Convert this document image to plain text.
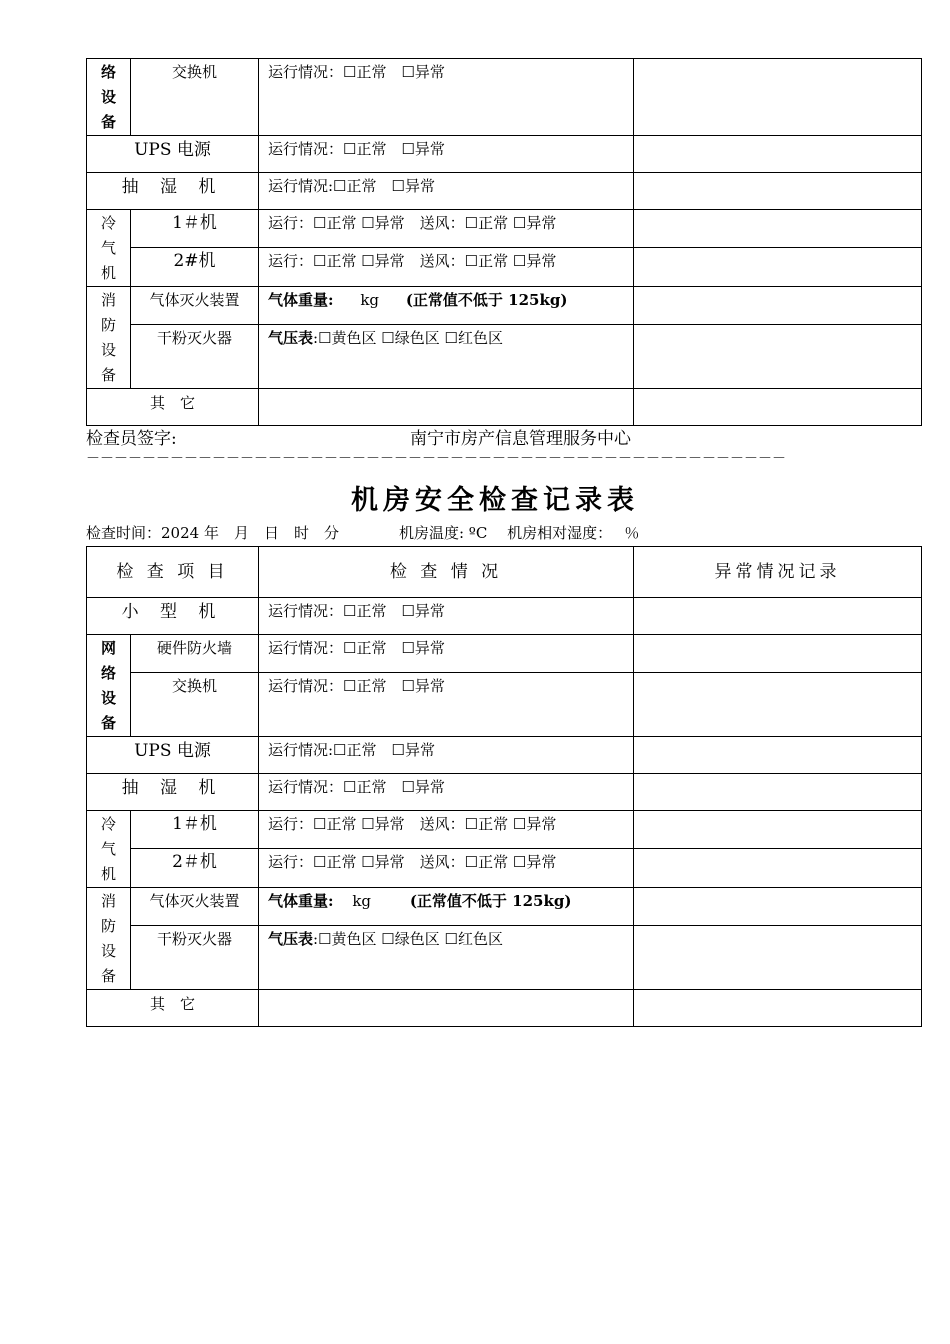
络
设
备	交换机	运行情况：☐正常　☐异常	
UPS 电源		运行情况：☐正常　☐异常	
抽 湿 机		运行情况:☐正常　☐异常	

冷
气
机	1＃机	运行：☐正常 ☐异常　送风：☐正常 ☐异常	
	2#机	运行：☐正常 ☐异常　送风：☐正常 ☐异常	

消
防
设
备	气体灭火装置	气体重量: kg (正常值不低于 125kg)	
	干粉灭火器	气压表:☐黄色区 ☐绿色区 ☐红色区	
其　它			
检查员签字:	南宁市房产信息管理服务中心
－－－－－－－－－－－－－－－－－－－－－－－－－－－－－－－－－－－－－－－－－－－－－－－－－－
机房安全检查记录表
检查时间：2024 年　月　日　时　分　　　　机房温度: ºC　 机房相对湿度：　 ％
检 查 项 目		检 查 情 况	异常情况记录
小 型 机		运行情况：☐正常　☐异常	

网
络
设
备	硬件防火墙	运行情况：☐正常　☐异常	
	交换机	运行情况：☐正常　☐异常	
UPS 电源		运行情况:☐正常　☐异常	
抽 湿 机		运行情况：☐正常　☐异常	

冷
气
机	1＃机	运行：☐正常 ☐异常　送风：☐正常 ☐异常	
	2＃机	运行：☐正常 ☐异常　送风：☐正常 ☐异常	

消
防
设
备	气体灭火装置	气体重量: kg (正常值不低于 125kg)	
	干粉灭火器	气压表:☐黄色区 ☐绿色区 ☐红色区	
其　它			
